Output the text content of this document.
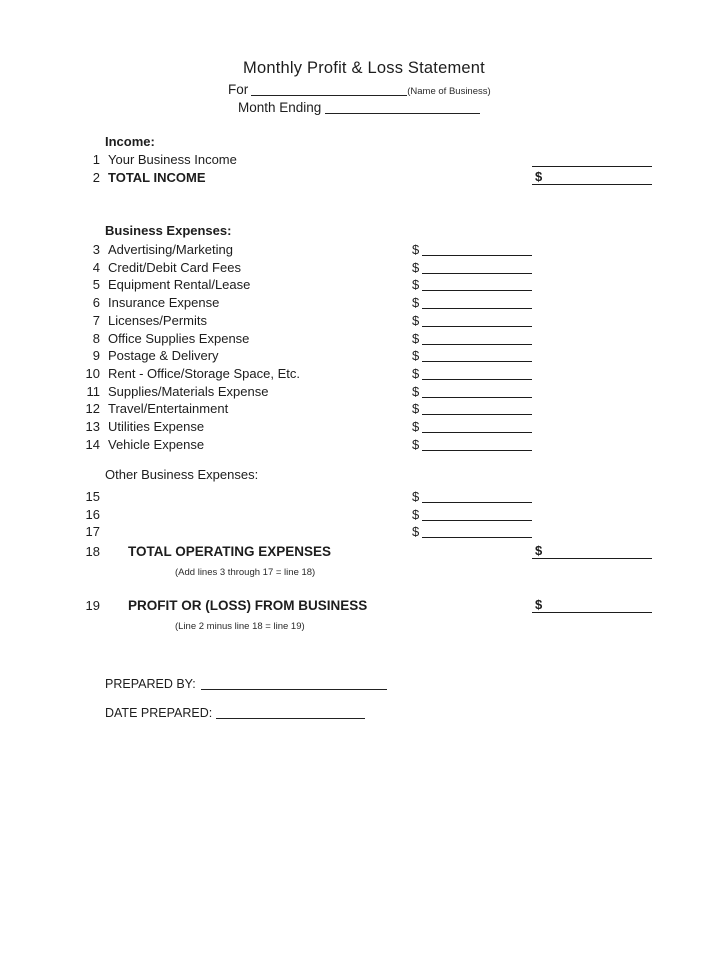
Monthly Profit & Loss Statement
For	(Name of Business)
Month Ending
Income:
1 Your Business Income
2 TOTAL INCOME	$
Business Expenses:
3 Advertising/Marketing	$
4 Credit/Debit Card Fees	$
5 Equipment Rental/Lease	$
6 Insurance Expense	$
7 Licenses/Permits	$
8 Office Supplies Expense	$
9 Postage & Delivery	$
10 Rent - Office/Storage Space, Etc.	$
11 Supplies/Materials Expense	$
12 Travel/Entertainment	$
13 Utilities Expense	$
14 Vehicle Expense	$
Other Business Expenses:
15	$
16	$
17	$
18 TOTAL OPERATING EXPENSES	$
(Add lines 3 through 17 = line 18)
19 PROFIT OR (LOSS) FROM BUSINESS	$
(Line 2 minus line 18 = line 19)
PREPARED BY:
DATE PREPARED:
